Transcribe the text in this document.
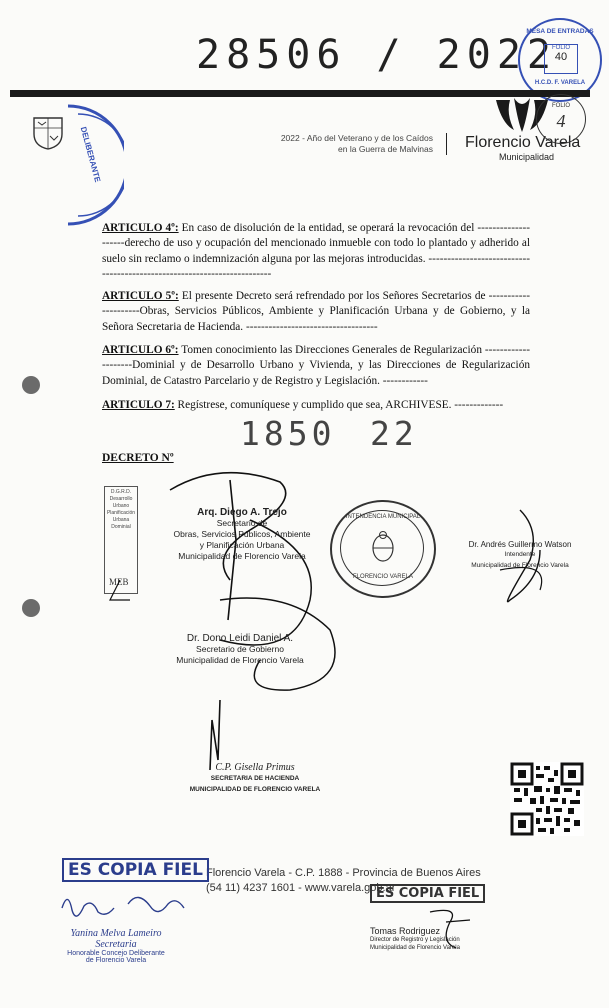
28506 / 2022
MESA DE ENTRADAS
FOLIO
40
H.C.D. F. VARELA
DELIBERANTE	2022 - Año del Veterano y de los Caídos
en la Guerra de Malvinas Florencio Varela
Municipalidad
FOLIO
4
ARTICULO 4º: En caso de disolución de la entidad, se operará la revocación del --------------------derecho de uso y ocupación del mencionado inmueble con todo lo plantado y adherido al suelo sin reclamo o indemnización alguna por las mejoras introducidas. ------------------------------------------------------------------------
ARTICULO 5º: El presente Decreto será refrendado por los Señores Secretarios de ---------------------Obras, Servicios Públicos, Ambiente y Planificación Urbana y de Gobierno, y la Señora Secretaria de Hacienda. -----------------------------------
ARTICULO 6º: Tomen conocimiento las Direcciones Generales de Regularización --------------------Dominial y de Desarrollo Urbano y Vivienda, y las Direcciones de Regularización Dominial, de Catastro Parcelario y de Registro y Legislación. ------------
ARTICULO 7: Regístrese, comuníquese y cumplido que sea, ARCHIVESE. -------------
1850 22
DECRETO Nº
D.G.R.D.
Desarrollo Urbano
Planificación Urbana
Dominial
MEB
Arq. Diego A. Trejo
Secretario de
Obras, Servicios Públicos, Ambiente
y Planificación Urbana
Municipalidad de Florencio Varela
INTENDENCIA MUNICIPAL
FLORENCIO VARELA
Dr. Andrés Guillermo Watson
Intendente
Municipalidad de Florencio Varela
Dr. Dono Leidi Daniel A.
Secretario de Gobierno
Municipalidad de Florencio Varela
C.P. Gisella Primus
SECRETARIA DE HACIENDA
MUNICIPALIDAD DE FLORENCIO VARELA
Florencio Varela - C.P. 1888 - Provincia de Buenos Aires
(54 11) 4237 1601 - www.varela.gob.ar
ES COPIA FIEL
ES COPIA FIEL
Yanina Melva Lameiro
Secretaria
Honorable Concejo Deliberante
de Florencio Varela
Tomas Rodriguez
Director de Registro y Legislación
Municipalidad de Florencio Varela
